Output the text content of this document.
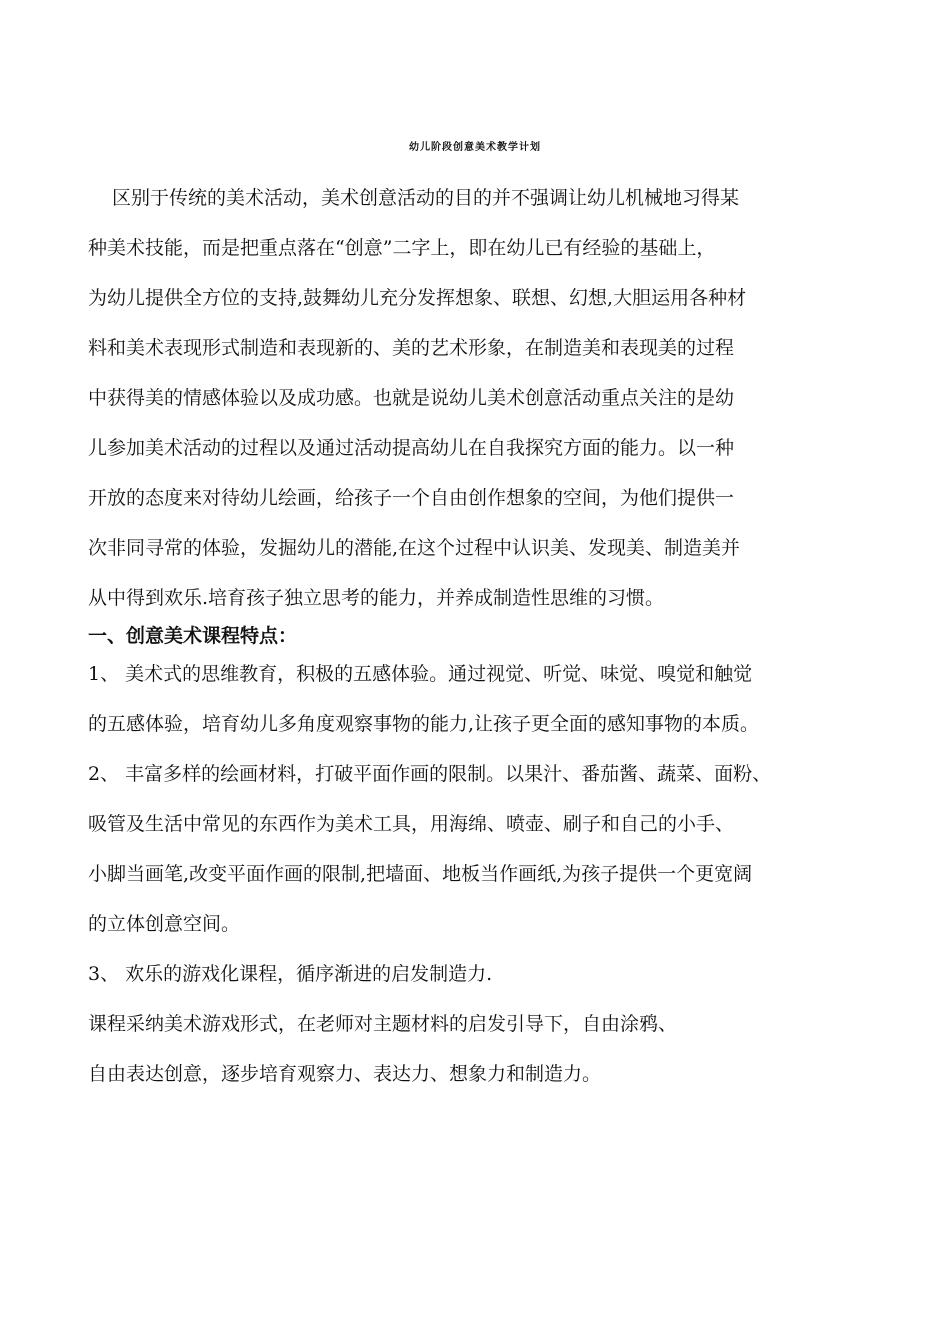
幼儿阶段创意美术教学计划
区别于传统的美术活动，美术创意活动的目的并不强调让幼儿机械地习得某
种美术技能，而是把重点落在“创意”二字上，即在幼儿已有经验的基础上，
为幼儿提供全方位的支持,鼓舞幼儿充分发挥想象、联想、幻想,大胆运用各种材
料和美术表现形式制造和表现新的、美的艺术形象，在制造美和表现美的过程
中获得美的情感体验以及成功感。也就是说幼儿美术创意活动重点关注的是幼
儿参加美术活动的过程以及通过活动提高幼儿在自我探究方面的能力。以一种
开放的态度来对待幼儿绘画，给孩子一个自由创作想象的空间，为他们提供一
次非同寻常的体验，发掘幼儿的潜能,在这个过程中认识美、发现美、制造美并
从中得到欢乐.培育孩子独立思考的能力，并养成制造性思维的习惯。
一、创意美术课程特点：
1、 美术式的思维教育，积极的五感体验。通过视觉、听觉、味觉、嗅觉和触觉
的五感体验，培育幼儿多角度观察事物的能力,让孩子更全面的感知事物的本质。
2、 丰富多样的绘画材料，打破平面作画的限制。以果汁、番茄酱、蔬菜、面粉、
吸管及生活中常见的东西作为美术工具，用海绵、喷壶、刷子和自己的小手、
小脚当画笔,改变平面作画的限制,把墙面、地板当作画纸,为孩子提供一个更宽阔
的立体创意空间。
3、 欢乐的游戏化课程，循序渐进的启发制造力.
课程采纳美术游戏形式，在老师对主题材料的启发引导下，自由涂鸦、
自由表达创意，逐步培育观察力、表达力、想象力和制造力。
